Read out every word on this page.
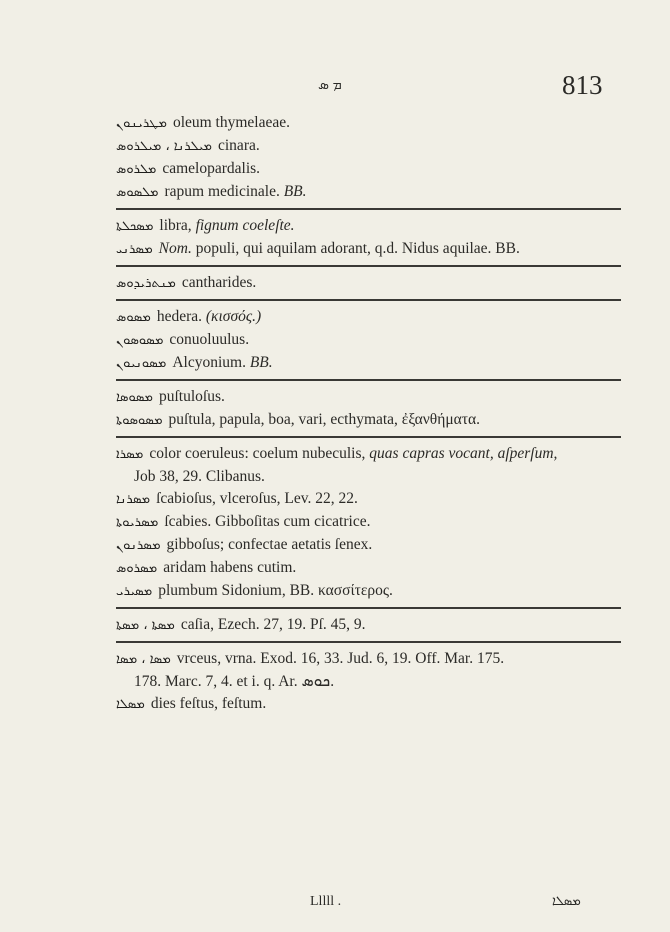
ܡ ܣ	813
ܡܛܪܝܢܘܢ oleum thymelaeae.
ܡܝܠܪܢܐ ، ܡܝܠܪܘܣ cinara.
ܡܠܪܘܣ camelopardalis.
ܡܠܣܘܣ rapum medicinale. BB.
ܡܣܟܠܬܐ libra, fignum coeleſte.
ܡܣܪܢܝ Nom. populi, qui aquilam adorant, q.d. Nidus aquilae. BB.
ܡܢܬܪܝܕܘܣ cantharides.
ܡܣܘܣ hedera. (κισσός.)
ܡܣܘܣܘܢ conuoluulus.
ܡܣܘܢܝܘܢ Alcyonium. BB.
ܡܣܘܣܐ puſtuloſus.
ܡܣܘܣܘܬܐ puſtula, papula, boa, vari, ecthymata, ἐξανθήματα.
ܡܣܪܐ color coeruleus: coelum nubeculis, quas capras vocant, aſperſum,
Job 38, 29. Clibanus.
ܡܣܪܢܐ ſcabioſus, vlceroſus, Lev. 22, 22.
ܡܣܪܝܘܬܐ ſcabies. Gibboſitas cum cicatrice.
ܡܣܪܢܘܢ gibboſus; confectae aetatis ſenex.
ܡܣܪܘܣ aridam habens cutim.
ܡܣܝܪܝ plumbum Sidonium, BB. κασσίτερος.
ܡܣܬܐ ، ܡܣܬܐ caſia, Ezech. 27, 19. Pſ. 45, 9.
ܡܣܐ ، ܡܣܐ vrceus, vrna. Exod. 16, 33. Jud. 6, 19. Off. Mar. 175.
178. Marc. 7, 4. et i. q. Ar. ܟܘܣ.
ܡܣܠܐ dies feſtus, feſtum.
Lllll .	ܡܣܠܐ
